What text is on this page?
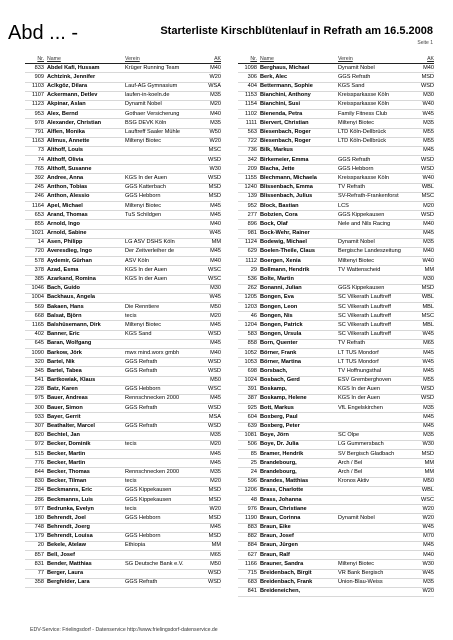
Abd ... -	Starterliste Kirschblütenlauf in Refrath am 16.5.2008
Seite 1
Nr. Name	Verein	AK
833 Abdel Kafi, Hussam	Krüger Running Team	M40
909 Achtzink, Jennifer	W20
1103 Aclkgöz, Dilara	Lauf-AG Gymnasium	WSA
1107 Ackermann, Detlev	laufen-in-koeln.de	M35
1123 Akpinar, Aslan	Dynamit Nobel	M20
953 Alex, Bernd	Gothaer Versicherung	M40
978 Alexander, Christian	BSG DEVK Köln	M35
791 Alflen, Monika	Lauftreff Saaler Mühle	W50
1163 Allmus, Annette	Miltenyi Biotec	W20
73 Althoff, Louis	MSC
74 Althoff, Olivia	WSD
765 Althoff, Susanne	W30
392 Andree, Anna	KGS In der Auen	WSD
245 Anthon, Tobias	GGS Katterbach	MSD
246 Anthon, Alessio	GGS Hebborn	MSD
1164 Apel, Michael	Miltenyi Biotec	M45
653 Arand, Thomas	TuS Schildgen	M45
855 Arnold, Ingo	M40
1021 Arnold, Sabine	W45
14 Asen, Philipp	LG ASV DSHS Köln	MM
720 Averesdieg, Ingo	Der Zeitverleiher de	M45
578 Aydemir, Gürhan	ASV Köln	M40
378 Azad, Esma	KGS In der Auen	WSC
385 Azarkand, Romina	KGS In der Auen	WSC
1046 Bach, Guido	M30
1004 Backhaus, Angela	W45
569 Bakaen, Hans	Die Renntiere	M50
668 Balsat, Björn	tecis	M20
1165 Balshüsemann, Dirk	Miltenyi Biotec	M45
402 Banner, Eric	KGS Sand	WSD
645 Baran, Wolfgang	M45
1090 Barkow, Jörk	mwx mind.worx gmbh	M40
320 Bartel, Nik	GGS Refrath	WSD
345 Bartel, Tabea	GGS Refrath	WSD
541 Bartkowiak, Klaus	M50
228 Batz, Karen	GGS Hebborn	WSC
975 Bauer, Andreas	Rennschnecken 2000	M45
300 Bauer, Simon	GGS Refrath	WSD
933 Bayer, Gerrit	MSA
307 Beathalter, Marcel	GGS Refrath	WSD
820 Bechtel, Jan	M35
972 Becker, Dominik	tecis	M20
515 Becker, Martin	M45
776 Becker, Martin	M45
844 Becker, Thomas	Rennschnecken 2000	M35
830 Becker, Tilman	tecis	M20
284 Beckmanns, Eric	GGS Kippekausen	MSD
286 Beckmanns, Luis	GGS Kippekausen	MSD
977 Bedrunka, Evelyn	tecis	W20
180 Behrendt, Joel	GGS Hebborn	MSD
748 Behrendt, Joerg	M45
179 Behrendt, Louisa	GGS Hebborn	MSD
20 Bekele, Atelaw	Ethiopia	MM
857 Bell, Josef	M65
831 Bender, Matthias	SG Deutsche Bank e.V.	M50
77 Berger, Laura	WSD
358 Bergfelder, Lara	GGS Refrath	WSD
Nr. Name	Verein	AK
1098 Berghaus, Michael	Dynamit Nobel	M40
306 Berk, Alec	GGS Refrath	MSD
404 Bettermann, Sophie	KGS Sand	WSD
1153 Bianchini, Anthony	Kreissparkasse Köln	M30
1154 Bianchini, Susi	Kreissparkasse Köln	W40
1102 Bienenda, Petra	Family Fitness Club	W45
1111 Biervert, Christian	Miltenyi Biotec	M35
563 Biesenbach, Roger	LTD Köln-Dellbrück	M55
722 Biesenbach, Roger	LTD Köln-Dellbrück	M55
736 Bilk, Markus	M45
342 Birkemeier, Emma	GGS Refrath	WSD
209 Blacha, Jette	GGS Hebborn	WSD
1155 Blechmann, Michaela	Kreissparkasse Köln	W40
1240 Blissenbach, Emma	TV Refrath	WBL
139 Blissenbach, Julius	SV-Refrath-Frankenforst	MSC
952 Block, Bastian	LCS	M20
277 Bobzien, Cora	GGS Kippekausen	WSD
896 Bock, Olaf	Nele and Nils Racing	M40
981 Bock-Wehr, Rainer	M45
1124 Bodewig, Michael	Dynamit Nobel	M35
629 Boelen-Theile, Claus	Bergische Landeszeitung	M40
1112 Boergen, Xenia	Miltenyi Biotec	W40
29 Bollmann, Hendrik	TV Wattenscheid	MM
536 Bolte, Martin	M30
262 Bonanni, Julian	GGS Kippekausen	MSD
1205 Bongen, Eva	SC Vilkerath Lauftreff	WBL
1203 Bongen, Leon	SC Vilkerath Lauftreff	MBL
46 Bongen, Nis	SC Vilkerath Lauftreff	MSC
1204 Bongen, Patrick	SC Vilkerath Lauftreff	MBL
583 Bongen, Ursula	SC Vilkerath Lauftreff	W45
858 Born, Quenter	TV Refrath	M65
1052 Börner, Frank	LT TUS Mondorf	M45
1053 Börner, Martina	LT TUS Mondorf	W45
698 Borsbach,	TV Hoffnungsthal	M45
1024 Bosbach, Gerd	ESV Gremberghoven	M55
391 Boskamp,	KGS In der Auen	WSD
387 Boskamp, Helene	KGS In der Auen	WSD
925 Bott, Markus	VfL Engelskirchen	M35
604 Boxberg, Paul	M45
639 Boxberg, Peter	M45
1081 Boye, Jörn	SC Olpe	M35
506 Boye, Dr. Julia	LG Gummersbach	W30
85 Bramer, Hendrik	SV Bergisch Gladbach	MSD
25 Brandebourg,	Arch / Bel	MM
24 Brandebourg,	Arch / Bel	MM
596 Brandes, Matthias	Kronos Aktiv	M50
1206 Brass, Charlotte	WBL
48 Brass, Johanna	WSC
976 Braun, Christiane	W20
1190 Braun, Corinna	Dynamit Nobel	W20
883 Braun, Eike	W45
882 Braun, Josef	M70
884 Braun, Jürgen	M45
627 Braun, Ralf	M40
1166 Brauner, Sandra	Miltenyi Biotec	W30
715 Breidenbach, Birgit	VR Bank Bergisch	W45
683 Breidenbach, Frank	Union-Blau-Weiss	M35
841 Breideneichen,	W20
EDV-Service: Frielingsdorf - Datenservice http://www.frielingsdorf-datenservice.de
